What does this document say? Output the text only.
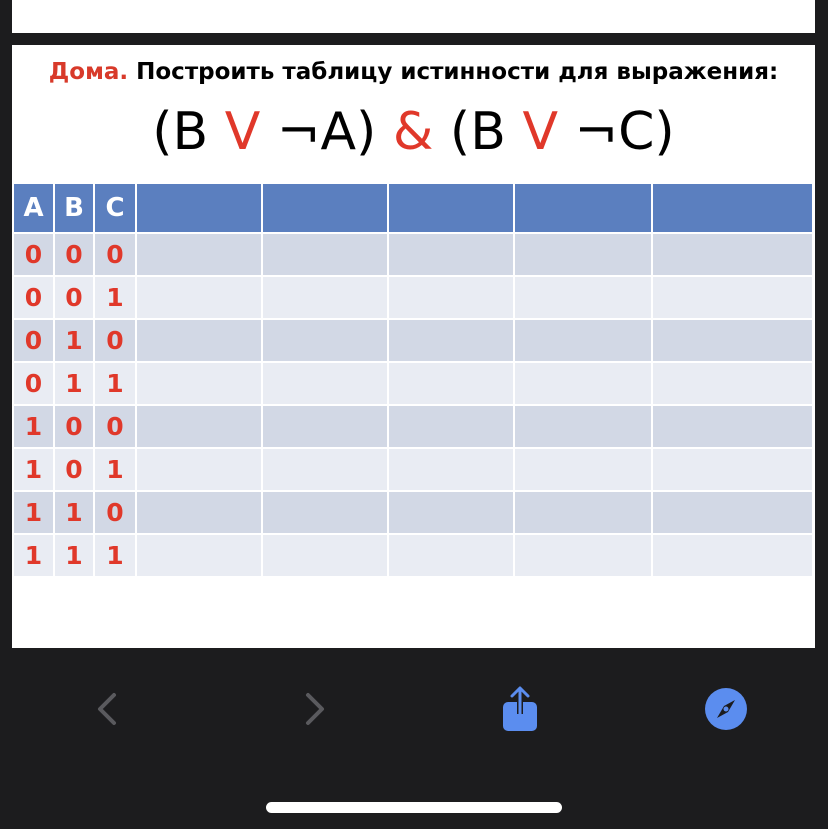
Дома. Построить таблицу истинности для выражения:
(B V ¬A) & (B V ¬C)
A	B	C					
0	0	0					
0	0	1					
0	1	0					
0	1	1					
1	0	0					
1	0	1					
1	1	0					
1	1	1					
